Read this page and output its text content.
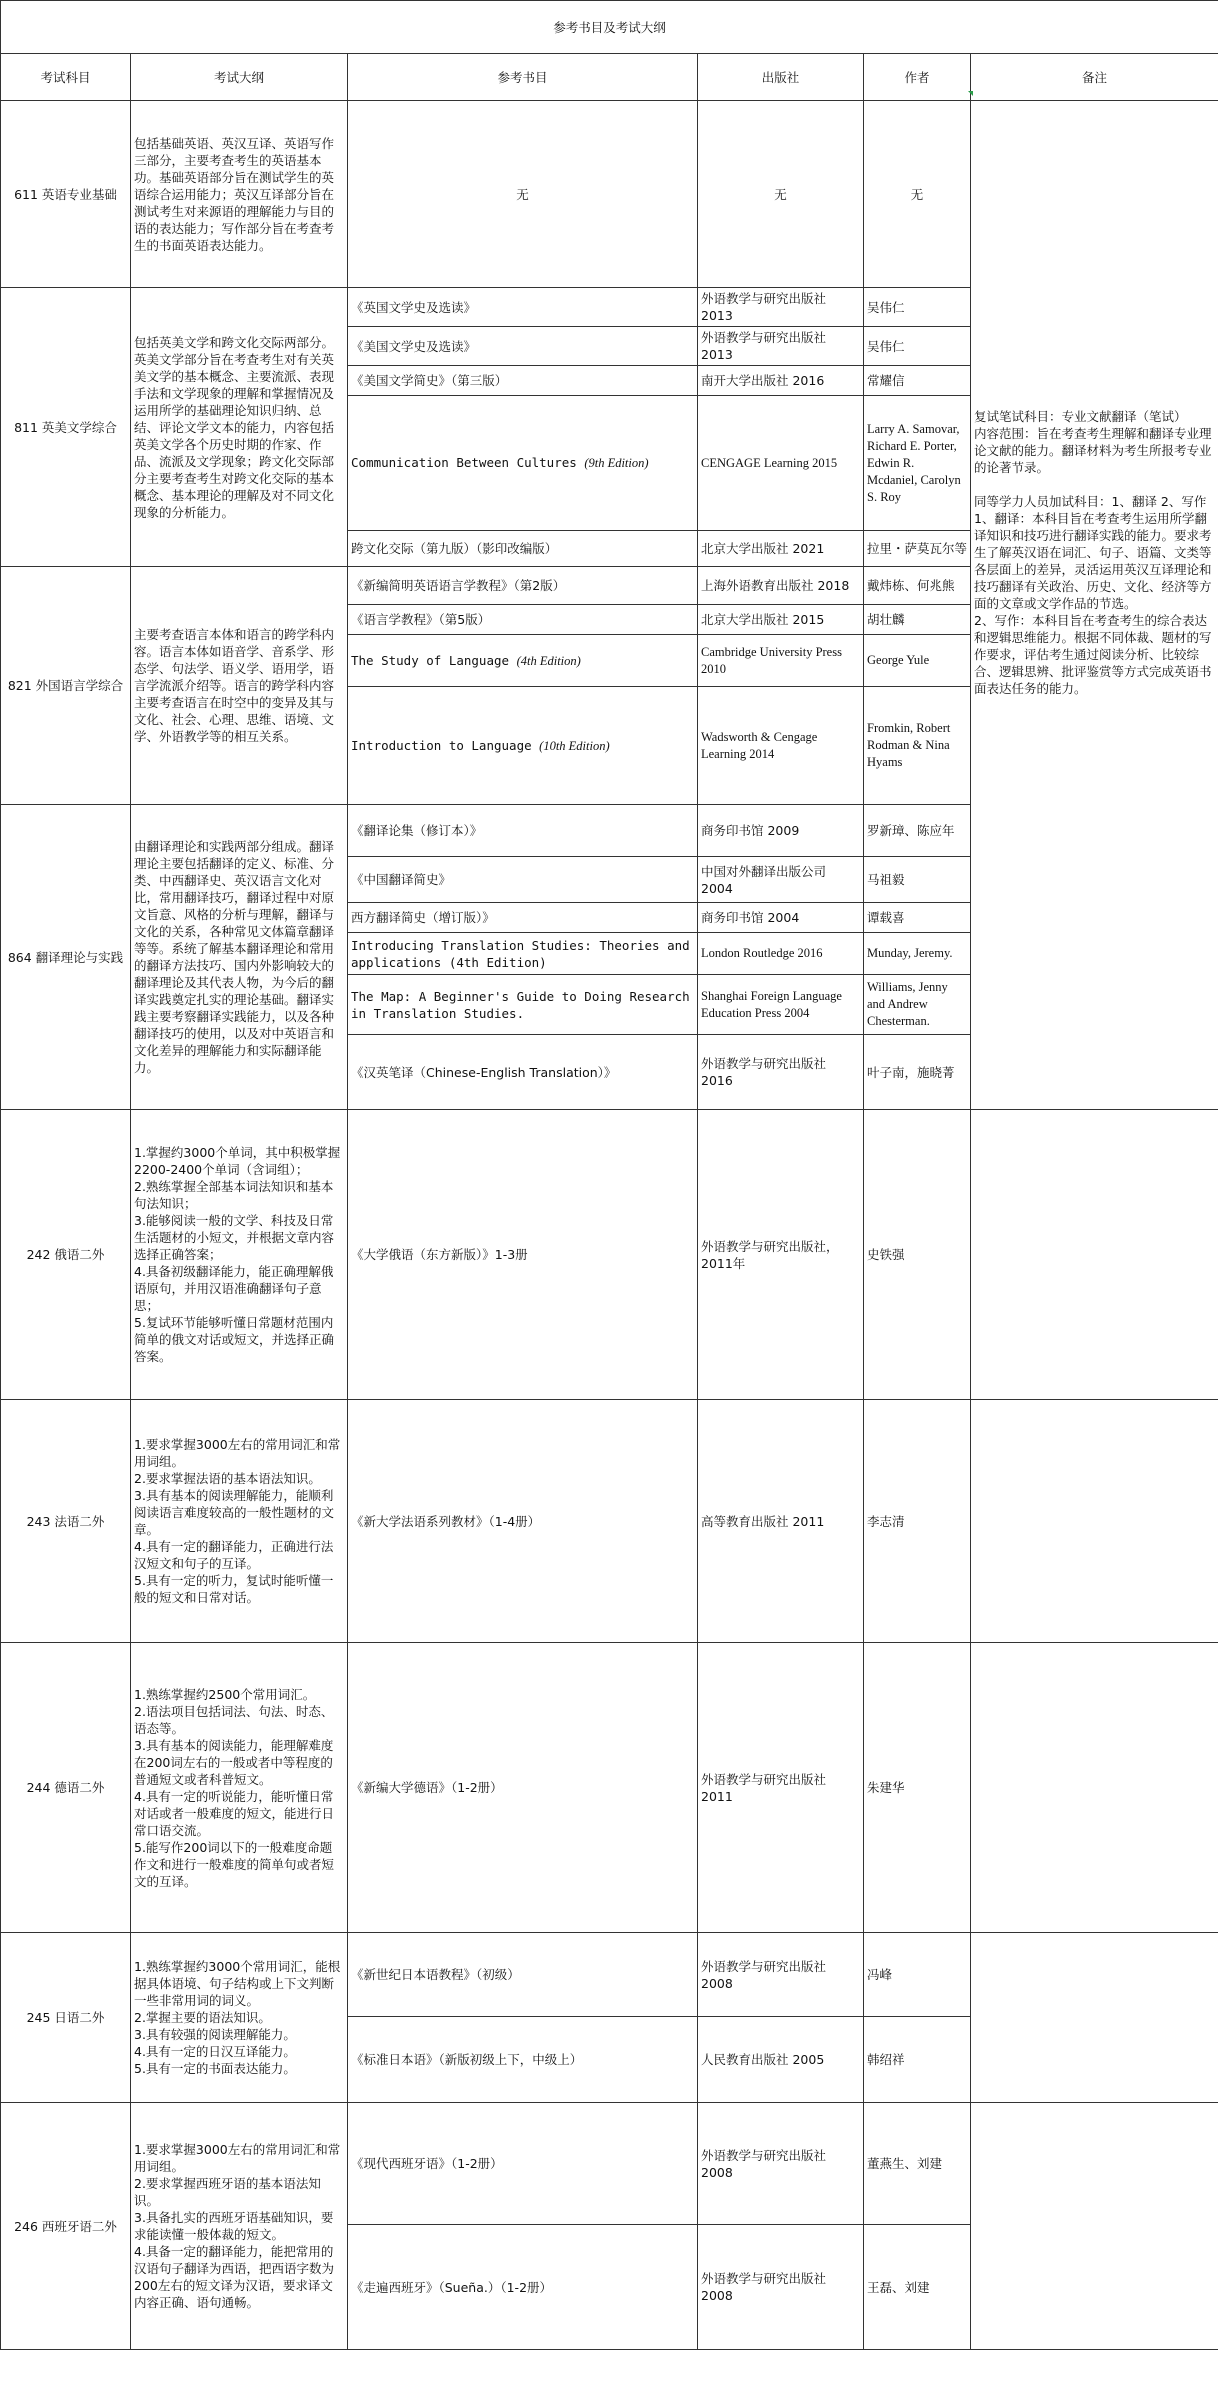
参考书目及考试大纲					
考试科目	考试大纲	参考书目	出版社	作者	备注
611 英语专业基础	包括基础英语、英汉互译、英语写作三部分，主要考查考生的英语基本功。基础英语部分旨在测试学生的英语综合运用能力；英汉互译部分旨在测试考生对来源语的理解能力与目的语的表达能力；写作部分旨在考查考生的书面英语表达能力。	无	无	无	复试笔试科目：专业文献翻译（笔试）
内容范围：旨在考查考生理解和翻译专业理论文献的能力。翻译材料为考生所报考专业的论著节录。

同等学力人员加试科目：1、翻译 2、写作
1、翻译：本科目旨在考查考生运用所学翻译知识和技巧进行翻译实践的能力。要求考生了解英汉语在词汇、句子、语篇、文类等各层面上的差异，灵活运用英汉互译理论和技巧翻译有关政治、历史、文化、经济等方面的文章或文学作品的节选。
2、写作：本科目旨在考查考生的综合表达和逻辑思维能力。根据不同体裁、题材的写作要求，评估考生通过阅读分析、比较综合、逻辑思辨、批评鉴赏等方式完成英语书面表达任务的能力。

811 英美文学综合	包括英美文学和跨文化交际两部分。英美文学部分旨在考查考生对有关英美文学的基本概念、主要流派、表现手法和文学现象的理解和掌握情况及运用所学的基础理论知识归纳、总结、评论文学文本的能力，内容包括英美文学各个历史时期的作家、作品、流派及文学现象；跨文化交际部分主要考查考生对跨文化交际的基本概念、基本理论的理解及对不同文化现象的分析能力。	《英国文学史及选读》	外语教学与研究出版社 2013	吴伟仁	
		《美国文学史及选读》	外语教学与研究出版社 2013	吴伟仁	
		《美国文学简史》（第三版）	南开大学出版社 2016	常耀信	
		Communication Between Cultures (9th Edition)	CENGAGE Learning 2015	Larry A. Samovar, Richard E. Porter, Edwin R. Mcdaniel, Carolyn S. Roy	
		跨文化交际（第九版）（影印改编版）	北京大学出版社 2021	拉里・萨莫瓦尔等	
821 外国语言学综合	主要考查语言本体和语言的跨学科内容。语言本体如语音学、音系学、形态学、句法学、语义学、语用学，语言学流派介绍等。语言的跨学科内容主要考查语言在时空中的变异及其与文化、社会、心理、思维、语境、文学、外语教学等的相互关系。	《新编简明英语语言学教程》（第2版）	上海外语教育出版社 2018	戴炜栋、何兆熊	
		《语言学教程》（第5版）	北京大学出版社 2015	胡壮麟	
		The Study of Language (4th Edition)	Cambridge University Press 2010	George Yule	
		Introduction to Language (10th Edition)	Wadsworth & Cengage Learning 2014	Fromkin, Robert Rodman & Nina Hyams	
864 翻译理论与实践	由翻译理论和实践两部分组成。翻译理论主要包括翻译的定义、标准、分类、中西翻译史、英汉语言文化对比，常用翻译技巧，翻译过程中对原文旨意、风格的分析与理解，翻译与文化的关系，各种常见文体篇章翻译等等。系统了解基本翻译理论和常用的翻译方法技巧、国内外影响较大的翻译理论及其代表人物，为今后的翻译实践奠定扎实的理论基础。翻译实践主要考察翻译实践能力，以及各种翻译技巧的使用，以及对中英语言和文化差异的理解能力和实际翻译能力。	《翻译论集（修订本）》	商务印书馆 2009	罗新璋、陈应年	
		《中国翻译简史》	中国对外翻译出版公司 2004	马祖毅	
		西方翻译简史（增订版）》	商务印书馆 2004	谭载喜	
		Introducing Translation Studies: Theories and applications (4th Edition)	London Routledge 2016	Munday, Jeremy.	
		The Map: A Beginner's Guide to Doing Research in Translation Studies.	Shanghai Foreign Language Education Press 2004	Williams, Jenny and Andrew Chesterman.	
		《汉英笔译（Chinese-English Translation）》	外语教学与研究出版社 2016	叶子南，施晓菁	
242 俄语二外	1.掌握约3000个单词，其中积极掌握2200-2400个单词（含词组）；
2.熟练掌握全部基本词法知识和基本句法知识；
3.能够阅读一般的文学、科技及日常生活题材的小短文，并根据文章内容选择正确答案；
4.具备初级翻译能力，能正确理解俄语原句，并用汉语准确翻译句子意思；
5.复试环节能够听懂日常题材范围内简单的俄文对话或短文，并选择正确答案。	《大学俄语（东方新版）》1-3册	外语教学与研究出版社，2011年	史铁强	
243 法语二外	1.要求掌握3000左右的常用词汇和常用词组。
2.要求掌握法语的基本语法知识。
3.具有基本的阅读理解能力，能顺利阅读语言难度较高的一般性题材的文章。
4.具有一定的翻译能力，正确进行法汉短文和句子的互译。
5.具有一定的听力，复试时能听懂一般的短文和日常对话。	《新大学法语系列教材》（1-4册）	高等教育出版社 2011	李志清	
244 德语二外	1.熟练掌握约2500个常用词汇。
2.语法项目包括词法、句法、时态、语态等。
3.具有基本的阅读能力，能理解难度在200词左右的一般或者中等程度的普通短文或者科普短文。
4.具有一定的听说能力，能听懂日常对话或者一般难度的短文，能进行日常口语交流。
5.能写作200词以下的一般难度命题作文和进行一般难度的简单句或者短文的互译。	《新编大学德语》（1-2册）	外语教学与研究出版社 2011	朱建华	
245 日语二外	1.熟练掌握约3000个常用词汇，能根据具体语境、句子结构或上下文判断一些非常用词的词义。
2.掌握主要的语法知识。
3.具有较强的阅读理解能力。
4.具有一定的日汉互译能力。
5.具有一定的书面表达能力。	《新世纪日本语教程》（初级）	外语教学与研究出版社 2008	冯峰	
		《标准日本语》（新版初级上下，中级上）	人民教育出版社 2005	韩绍祥	
246 西班牙语二外	1.要求掌握3000左右的常用词汇和常用词组。
2.要求掌握西班牙语的基本语法知识。
3.具备扎实的西班牙语基础知识，要求能读懂一般体裁的短文。
4.具备一定的翻译能力，能把常用的汉语句子翻译为西语，把西语字数为200左右的短文译为汉语，要求译文内容正确、语句通畅。	《现代西班牙语》（1-2册）	外语教学与研究出版社 2008	董燕生、刘建	
		《走遍西班牙》（Sueña.）（1-2册）	外语教学与研究出版社 2008	王磊、刘建	
